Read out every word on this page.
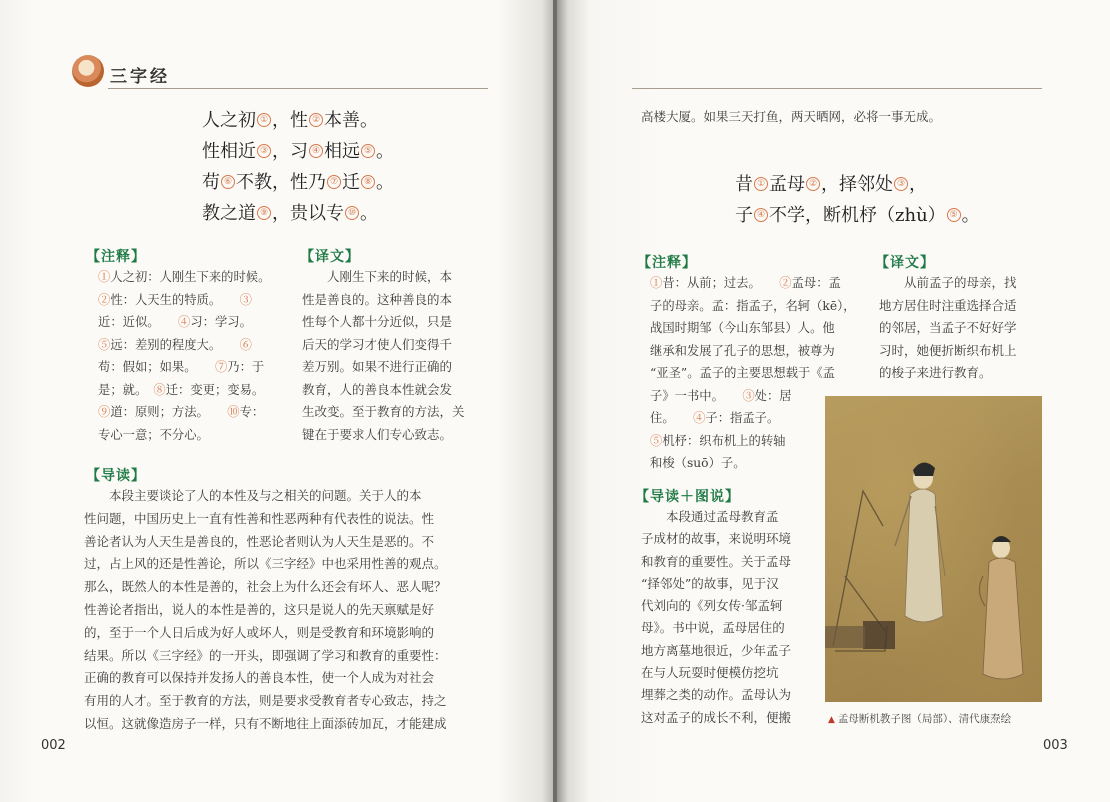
三字经
人之初 ① ，性 ② 本善。
性相近 ③ ，习 ④ 相远 ⑤ 。
苟 ⑥ 不教，性乃 ⑦ 迁 ⑧ 。
教之道 ⑨ ，贵以专 ⑩ 。
【注释】

①人之初：人刚生下来的时候。

②性：人天生的特质。　　 ③

近：近似。　　 ④习：学习。

⑤远：差别的程度大。　　 ⑥

苟：假如；如果。　　 ⑦乃：于

是；就。　 ⑧迁：变更；变易。

⑨道：原则；方法。　　 ⑩专：

专心一意；不分心。

【译文】

　　人刚生下来的时候，本

性是善良的。这种善良的本

性每个人都十分近似，只是

后天的学习才使人们变得千

差万别。如果不进行正确的

教育，人的善良本性就会发

生改变。至于教育的方法，关

键在于要求人们专心致志。

【导读】

　　本段主要谈论了人的本性及与之相关的问题。关于人的本

性问题，中国历史上一直有性善和性恶两种有代表性的说法。性

善论者认为人天生是善良的，性恶论者则认为人天生是恶的。不

过，占上风的还是性善论，所以《三字经》中也采用性善的观点。

那么，既然人的本性是善的，社会上为什么还会有坏人、恶人呢？

性善论者指出，说人的本性是善的，这只是说人的先天禀赋是好

的，至于一个人日后成为好人或坏人，则是受教育和环境影响的

结果。所以《三字经》的一开头，即强调了学习和教育的重要性：

正确的教育可以保持并发扬人的善良本性，使一个人成为对社会

有用的人才。至于教育的方法，则是要求受教育者专心致志，持之

以恒。这就像造房子一样，只有不断地往上面添砖加瓦，才能建成

002
高楼大厦。如果三天打鱼，两天晒网，必将一事无成。
昔 ① 孟母 ② ，择邻处 ③ ，
子 ④ 不学，断机杼（zhù） ⑤ 。
【注释】

①昔：从前；过去。　　 ②孟母：孟

子的母亲。孟：指孟子，名轲（kē），

战国时期邹（今山东邹县）人。他

继承和发展了孔子的思想，被尊为

“亚圣”。孟子的主要思想载于《孟

子》一书中。　　 ③处：居

住。　　 ④子：指孟子。

⑤机杼：织布机上的转轴

和梭（suō）子。

【译文】

　　从前孟子的母亲，找

地方居住时注重选择合适

的邻居，当孟子不好好学

习时，她便折断织布机上

的梭子来进行教育。

【导读＋图说】

　　本段通过孟母教育孟

子成材的故事，来说明环境

和教育的重要性。关于孟母

“择邻处”的故事，见于汉

代刘向的《列女传·邹孟轲

母》。书中说，孟母居住的

地方离墓地很近，少年孟子

在与人玩耍时便模仿挖坑

埋葬之类的动作。孟母认为

这对孟子的成长不利，便搬

003
▲ 孟母断机教子图（局部）、清代康焘绘
